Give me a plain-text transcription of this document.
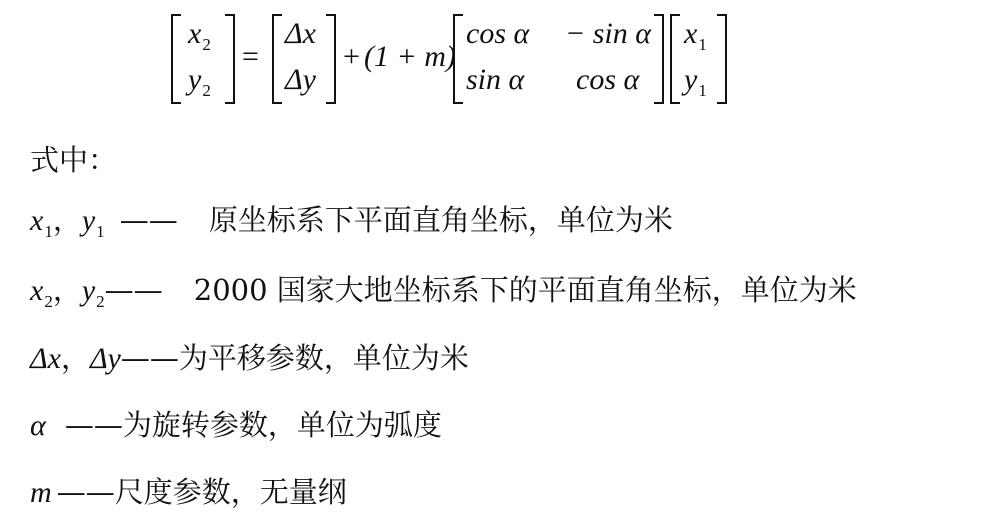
$x_2$
$y_2$
=
Δx
Δy
+ (1 + m)
cos α − sin α
sin α cos α
$x_1$
$y_1$
式中：
$x_1$，$y_1$ —— 原坐标系下平面直角坐标，单位为米
$x_2$，$y_2——$ 2000 国家大地坐标系下的平面直角坐标，单位为米
Δx，Δy——为平移参数，单位为米
α ——为旋转参数，单位为弧度
m ——尺度参数，无量纲
